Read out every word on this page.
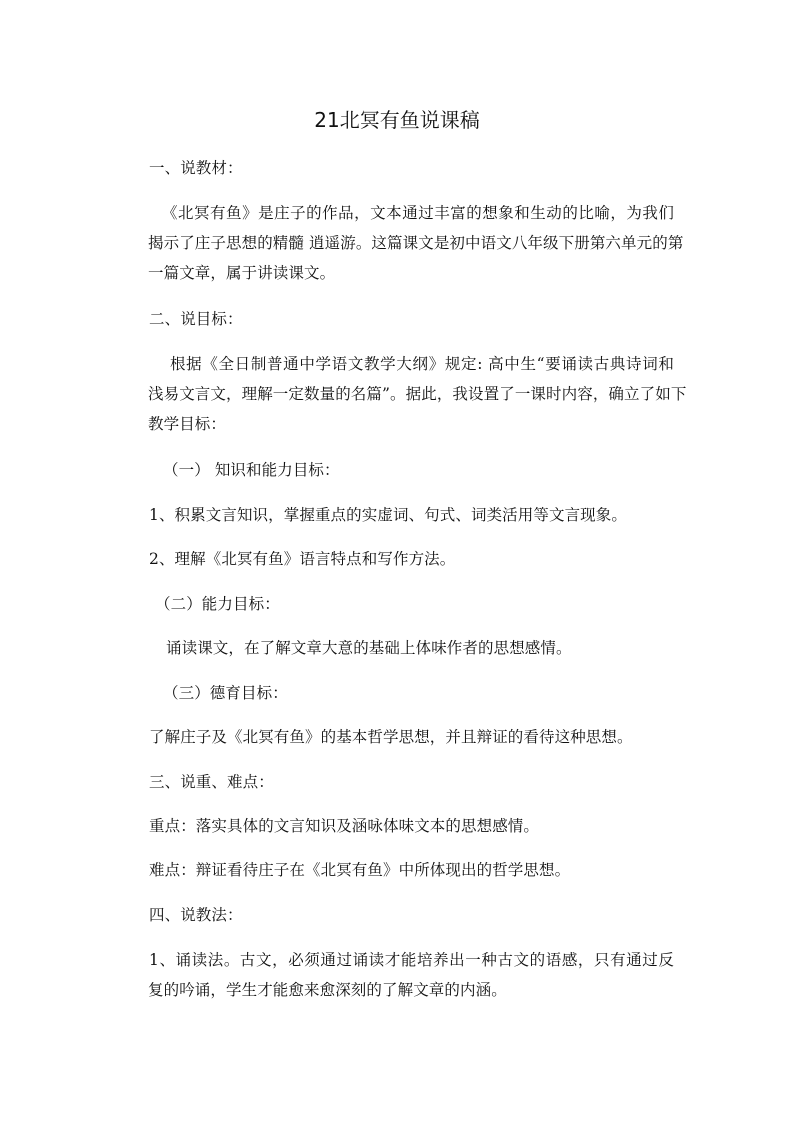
21北冥有鱼说课稿
一、说教材：
《北冥有鱼》是庄子的作品，文本通过丰富的想象和生动的比喻，为我们
揭示了庄子思想的精髓 逍遥游。这篇课文是初中语文八年级下册第六单元的第
一篇文章，属于讲读课文。
二、说目标：
根据《全日制普通中学语文教学大纲》规定: 高中生“要诵读古典诗词和
浅易文言文，理解一定数量的名篇”。据此，我设置了一课时内容，确立了如下
教学目标：
（一） 知识和能力目标：
1、积累文言知识，掌握重点的实虚词、句式、词类活用等文言现象。
2、理解《北冥有鱼》语言特点和写作方法。
（二）能力目标：
诵读课文，在了解文章大意的基础上体味作者的思想感情。
（三）德育目标：
了解庄子及《北冥有鱼》的基本哲学思想，并且辩证的看待这种思想。
三、说重、难点：
重点：落实具体的文言知识及涵咏体味文本的思想感情。
难点：辩证看待庄子在《北冥有鱼》中所体现出的哲学思想。
四、说教法：
1、诵读法。古文，必须通过诵读才能培养出一种古文的语感，只有通过反
复的吟诵，学生才能愈来愈深刻的了解文章的内涵。
